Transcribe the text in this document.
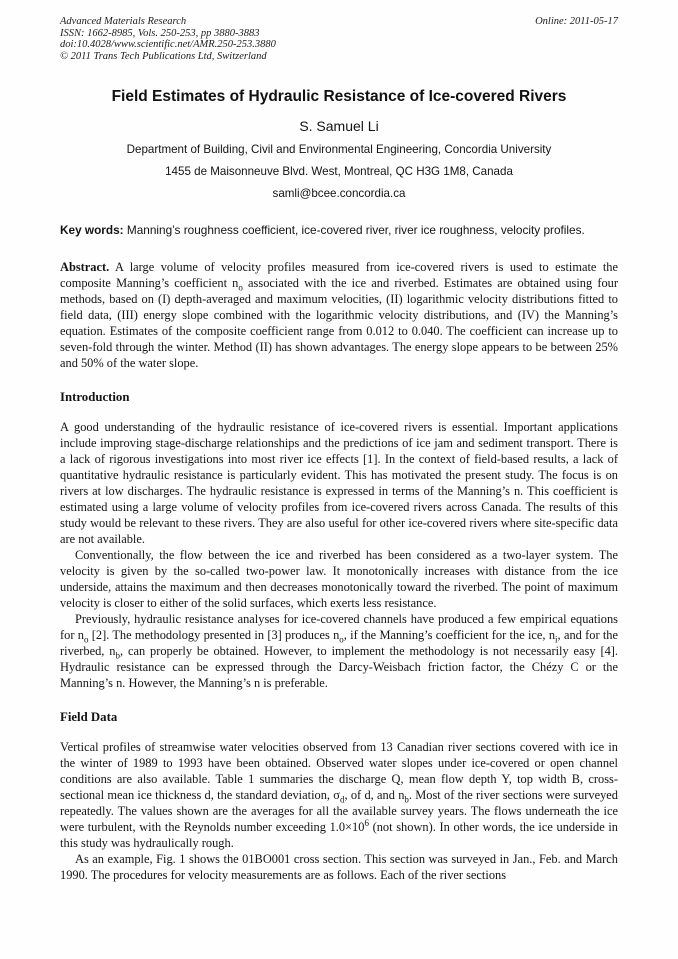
Advanced Materials Research
ISSN: 1662-8985, Vols. 250-253, pp 3880-3883
doi:10.4028/www.scientific.net/AMR.250-253.3880
© 2011 Trans Tech Publications Ltd, Switzerland
Online: 2011-05-17
Field Estimates of Hydraulic Resistance of Ice-covered Rivers
S. Samuel Li
Department of Building, Civil and Environmental Engineering, Concordia University
1455 de Maisonneuve Blvd. West, Montreal, QC H3G 1M8, Canada
samli@bcee.concordia.ca
Key words: Manning’s roughness coefficient, ice-covered river, river ice roughness, velocity profiles.
Abstract. A large volume of velocity profiles measured from ice-covered rivers is used to estimate the composite Manning’s coefficient $n_o$ associated with the ice and riverbed. Estimates are obtained using four methods, based on (I) depth-averaged and maximum velocities, (II) logarithmic velocity distributions fitted to field data, (III) energy slope combined with the logarithmic velocity distributions, and (IV) the Manning’s equation. Estimates of the composite coefficient range from 0.012 to 0.040. The coefficient can increase up to seven-fold through the winter. Method (II) has shown advantages. The energy slope appears to be between 25% and 50% of the water slope.
Introduction

A good understanding of the hydraulic resistance of ice-covered rivers is essential. Important applications include improving stage-discharge relationships and the predictions of ice jam and sediment transport. There is a lack of rigorous investigations into most river ice effects [1]. In the context of field-based results, a lack of quantitative hydraulic resistance is particularly evident. This has motivated the present study. The focus is on rivers at low discharges. The hydraulic resistance is expressed in terms of the Manning’s n. This coefficient is estimated using a large volume of velocity profiles from ice-covered rivers across Canada. The results of this study would be relevant to these rivers. They are also useful for other ice-covered rivers where site-specific data are not available.

Conventionally, the flow between the ice and riverbed has been considered as a two-layer system. The velocity is given by the so-called two-power law. It monotonically increases with distance from the ice underside, attains the maximum and then decreases monotonically toward the riverbed. The point of maximum velocity is closer to either of the solid surfaces, which exerts less resistance.

Previously, hydraulic resistance analyses for ice-covered channels have produced a few empirical equations for $n_o$ [2]. The methodology presented in [3] produces $n_o$, if the Manning’s coefficient for the ice, $n_i$, and for the riverbed, $n_b$, can properly be obtained. However, to implement the methodology is not necessarily easy [4]. Hydraulic resistance can be expressed through the Darcy-Weisbach friction factor, the Chézy C or the Manning’s n. However, the Manning’s n is preferable.

Field Data

Vertical profiles of streamwise water velocities observed from 13 Canadian river sections covered with ice in the winter of 1989 to 1993 have been obtained. Observed water slopes under ice-covered or open channel conditions are also available. Table 1 summaries the discharge Q, mean flow depth Y, top width B, cross-sectional mean ice thickness d, the standard deviation, $\sigma_d$, of d, and $n_b$. Most of the river sections were surveyed repeatedly. The values shown are the averages for all the available survey years. The flows underneath the ice were turbulent, with the Reynolds number exceeding $1.0\times 10^6$ (not shown). In other words, the ice underside in this study was hydraulically rough.

As an example, Fig. 1 shows the 01BO001 cross section. This section was surveyed in Jan., Feb. and March 1990. The procedures for velocity measurements are as follows. Each of the river sections
